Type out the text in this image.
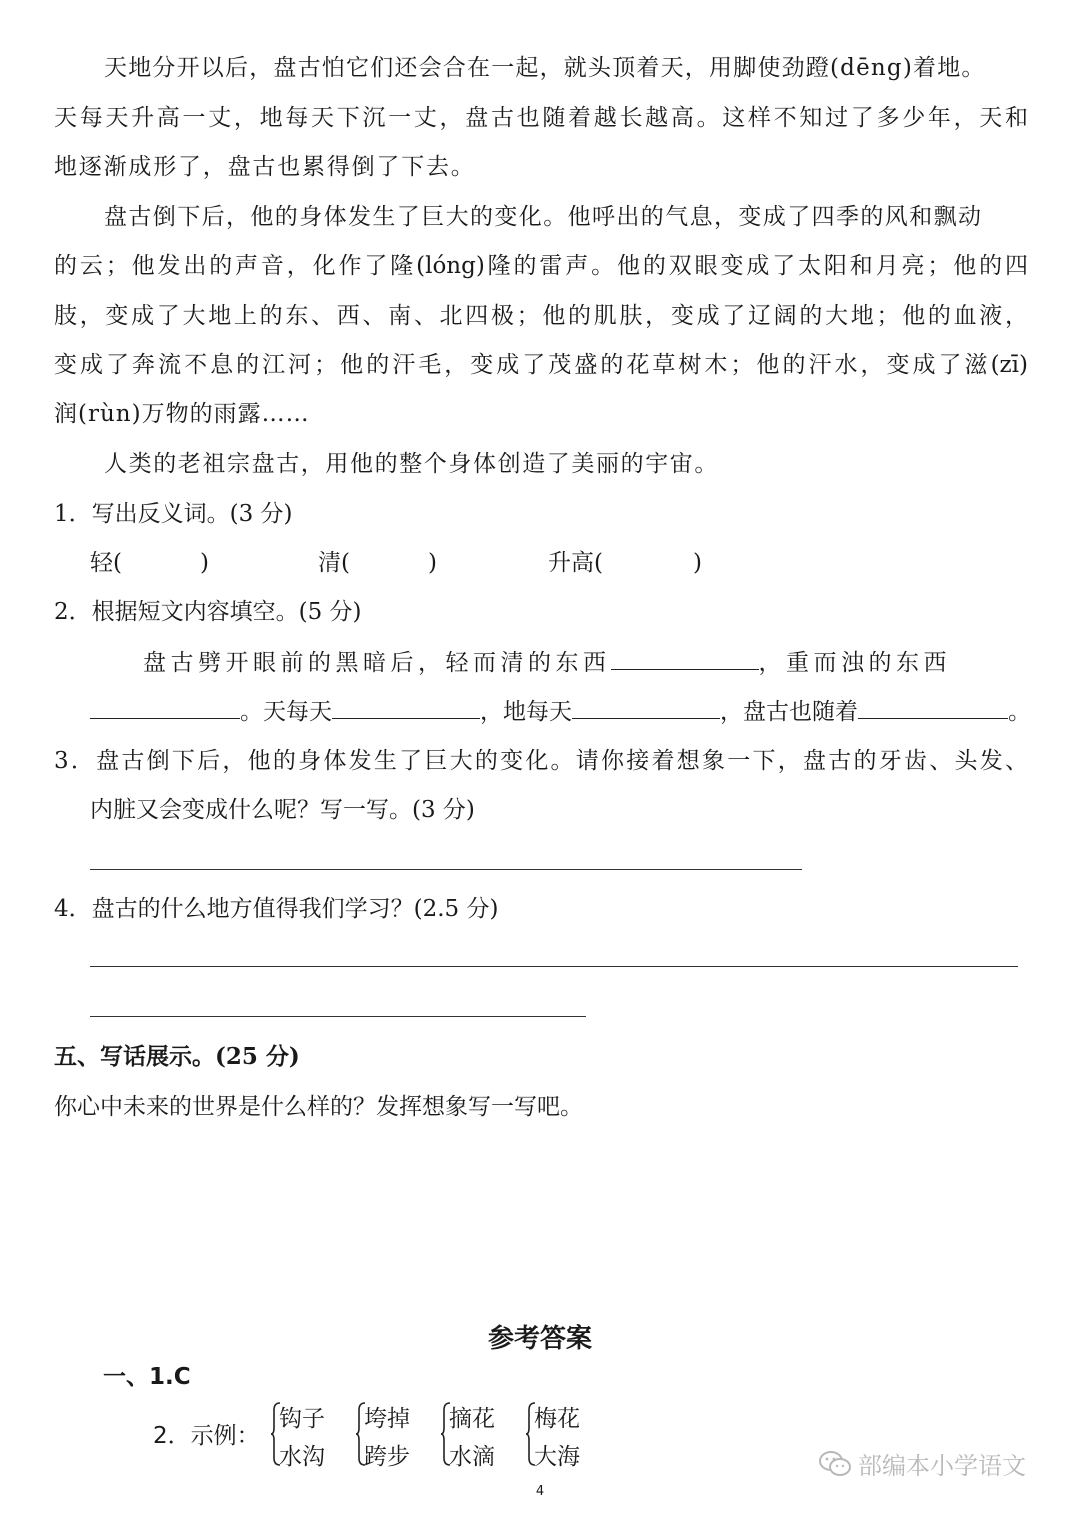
天地分开以后，盘古怕它们还会合在一起，就头顶着天，用脚使劲蹬(dēng)着地。
天每天升高一丈，地每天下沉一丈，盘古也随着越长越高。这样不知过了多少年，天和
地逐渐成形了，盘古也累得倒了下去。
盘古倒下后，他的身体发生了巨大的变化。他呼出的气息，变成了四季的风和飘动
的云；他发出的声音，化作了隆(lóng)隆的雷声。他的双眼变成了太阳和月亮；他的四
肢，变成了大地上的东、西、南、北四极；他的肌肤，变成了辽阔的大地；他的血液，
变成了奔流不息的江河；他的汗毛，变成了茂盛的花草树木；他的汗水，变成了滋(zī)
润(rùn)万物的雨露……
人类的老祖宗盘古，用他的整个身体创造了美丽的宇宙。
1．写出反义词。(3 分)
轻(	)	清(	)	升高(	)
2．根据短文内容填空。(5 分)
盘古劈开眼前的黑暗后，轻而清的东西	，重而浊的东西
。天每天	，地每天	，盘古也随着	。
3．盘古倒下后，他的身体发生了巨大的变化。请你接着想象一下，盘古的牙齿、头发、
内脏又会变成什么呢？写一写。(3 分)
4．盘古的什么地方值得我们学习？(2.5 分)
五、写话展示。(25 分)
你心中未来的世界是什么样的？发挥想象写一写吧。
参考答案
一、1.C
2．示例：
钩子
水沟
垮掉
跨步
摘花
水滴
梅花
大海
4
部编本小学语文
